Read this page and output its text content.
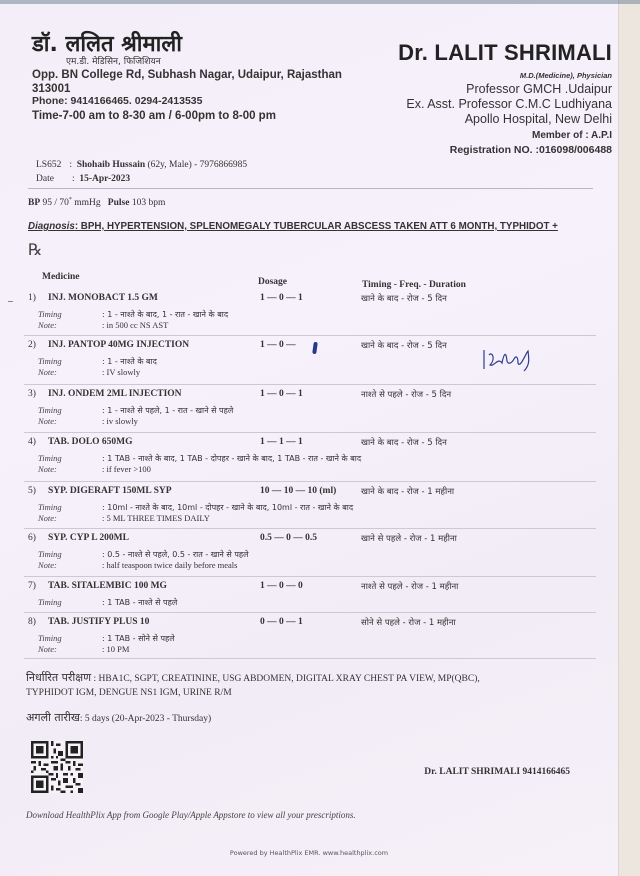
डॉ. ललित श्रीमाली
एम.डी. मेडिसिन, फिजिशियन
Opp. BN College Rd, Subhash Nagar, Udaipur, Rajasthan
313001
Phone: 9414166465. 0294-2413535
Time-7-00 am to 8-30 am / 6-00pm to 8-00 pm
Dr. LALIT SHRIMALI
M.D.(Medicine), Physician
Professor GMCH .Udaipur
Ex. Asst. Professor C.M.C Ludhiyana
Apollo Hospital, New Delhi
Member of : A.P.I
Registration NO. :016098/006488
LS652 :  Shohaib Hussain (62y, Male) - 7976866985
Date :  15-Apr-2023
BP 95 / 70* mmHg Pulse 103 bpm
Diagnosis: BPH, HYPERTENSION, SPLENOMEGALY TUBERCULAR ABSCESS TAKEN ATT 6 MONTH, TYPHIDOT +
℞
Medicine	Dosage	Timing - Freq. - Duration
– 1) INJ. MONOBACT 1.5 GM	1 — 0 — 1	खाने के बाद - रोज - 5 दिन
Timing	: 1 - नाश्ते के बाद, 1 - रात - खाने के बाद
Note:	: in 500 cc NS AST
2) INJ. PANTOP 40MG INJECTION	1 — 0 —	खाने के बाद - रोज - 5 दिन
Timing	: 1 - नाश्ते के बाद
Note:	: IV slowly
3) INJ. ONDEM 2ML INJECTION	1 — 0 — 1	नाश्ते से पहले - रोज - 5 दिन
Timing	: 1 - नाश्ते से पहले, 1 - रात - खाने से पहले
Note:	: iv slowly
4) TAB. DOLO 650MG	1 — 1 — 1	खाने के बाद - रोज - 5 दिन
Timing	: 1 TAB - नाश्ते के बाद, 1 TAB - दोपहर - खाने के बाद, 1 TAB - रात - खाने के बाद
Note:	: if fever >100
5) SYP. DIGERAFT 150ML SYP	10 — 10 — 10 (ml)	खाने के बाद - रोज - 1 महीना
Timing	: 10ml - नाश्ते के बाद, 10ml - दोपहर - खाने के बाद, 10ml - रात - खाने के बाद
Note:	: 5 ML THREE TIMES DAILY
6) SYP. CYP L 200ML	0.5 — 0 — 0.5	खाने से पहले - रोज - 1 महीना
Timing	: 0.5 - नाश्ते से पहले, 0.5 - रात - खाने से पहले
Note:	: half teaspoon twice daily before meals
7) TAB. SITALEMBIC 100 MG	1 — 0 — 0	नाश्ते से पहले - रोज - 1 महीना
Timing	: 1 TAB - नाश्ते से पहले
8) TAB. JUSTIFY PLUS 10	0 — 0 — 1	सोने से पहले - रोज - 1 महीना
Timing	: 1 TAB - सोने से पहले
Note:	: 10 PM
निर्धारित परीक्षण : HBA1C, SGPT, CREATININE, USG ABDOMEN, DIGITAL XRAY CHEST PA VIEW, MP(QBC),
TYPHIDOT IGM, DENGUE NS1 IGM, URINE R/M
अगली तारीख: 5 days (20-Apr-2023 - Thursday)
Dr. LALIT SHRIMALI 9414166465
Download HealthPlix App from Google Play/Apple Appstore to view all your prescriptions.
Powered by HealthPlix EMR. www.healthplix.com
